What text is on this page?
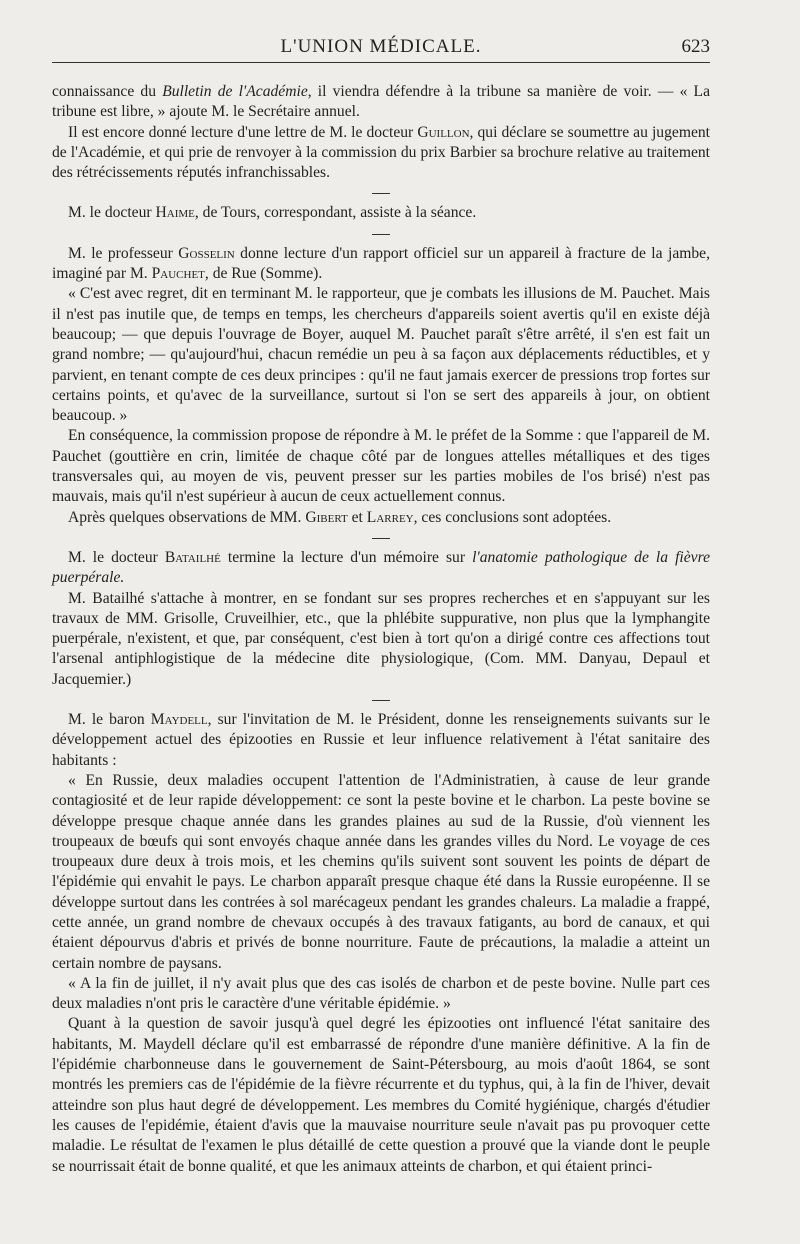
L'UNION MÉDICALE.	623

connaissance du Bulletin de l'Académie, il viendra défendre à la tribune sa manière de voir. — « La tribune est libre, » ajoute M. le Secrétaire annuel.

Il est encore donné lecture d'une lettre de M. le docteur Guillon, qui déclare se soumettre au jugement de l'Académie, et qui prie de renvoyer à la commission du prix Barbier sa brochure relative au traitement des rétrécissements réputés infranchissables.

M. le docteur Haime, de Tours, correspondant, assiste à la séance.

M. le professeur Gosselin donne lecture d'un rapport officiel sur un appareil à fracture de la jambe, imaginé par M. Pauchet, de Rue (Somme).

« C'est avec regret, dit en terminant M. le rapporteur, que je combats les illusions de M. Pauchet. Mais il n'est pas inutile que, de temps en temps, les chercheurs d'appareils soient avertis qu'il en existe déjà beaucoup; — que depuis l'ouvrage de Boyer, auquel M. Pauchet paraît s'être arrêté, il s'en est fait un grand nombre; — qu'aujourd'hui, chacun remédie un peu à sa façon aux déplacements réductibles, et y parvient, en tenant compte de ces deux principes : qu'il ne faut jamais exercer de pressions trop fortes sur certains points, et qu'avec de la surveillance, surtout si l'on se sert des appareils à jour, on obtient beaucoup. »

En conséquence, la commission propose de répondre à M. le préfet de la Somme : que l'appareil de M. Pauchet (gouttière en crin, limitée de chaque côté par de longues attelles métalliques et des tiges transversales qui, au moyen de vis, peuvent presser sur les parties mobiles de l'os brisé) n'est pas mauvais, mais qu'il n'est supérieur à aucun de ceux actuellement connus.

Après quelques observations de MM. Gibert et Larrey, ces conclusions sont adoptées.

M. le docteur Batailhé termine la lecture d'un mémoire sur l'anatomie pathologique de la fièvre puerpérale.

M. Batailhé s'attache à montrer, en se fondant sur ses propres recherches et en s'appuyant sur les travaux de MM. Grisolle, Cruveilhier, etc., que la phlébite suppurative, non plus que la lymphangite puerpérale, n'existent, et que, par conséquent, c'est bien à tort qu'on a dirigé contre ces affections tout l'arsenal antiphlogistique de la médecine dite physiologique, (Com. MM. Danyau, Depaul et Jacquemier.)

M. le baron Maydell, sur l'invitation de M. le Président, donne les renseignements suivants sur le développement actuel des épizooties en Russie et leur influence relativement à l'état sanitaire des habitants :

« En Russie, deux maladies occupent l'attention de l'Administratien, à cause de leur grande contagiosité et de leur rapide développement: ce sont la peste bovine et le charbon. La peste bovine se développe presque chaque année dans les grandes plaines au sud de la Russie, d'où viennent les troupeaux de bœufs qui sont envoyés chaque année dans les grandes villes du Nord. Le voyage de ces troupeaux dure deux à trois mois, et les chemins qu'ils suivent sont souvent les points de départ de l'épidémie qui envahit le pays. Le charbon apparaît presque chaque été dans la Russie européenne. Il se développe surtout dans les contrées à sol marécageux pendant les grandes chaleurs. La maladie a frappé, cette année, un grand nombre de chevaux occupés à des travaux fatigants, au bord de canaux, et qui étaient dépourvus d'abris et privés de bonne nourriture. Faute de précautions, la maladie a atteint un certain nombre de paysans.

« A la fin de juillet, il n'y avait plus que des cas isolés de charbon et de peste bovine. Nulle part ces deux maladies n'ont pris le caractère d'une véritable épidémie. »

Quant à la question de savoir jusqu'à quel degré les épizooties ont influencé l'état sanitaire des habitants, M. Maydell déclare qu'il est embarrassé de répondre d'une manière définitive. A la fin de l'épidémie charbonneuse dans le gouvernement de Saint-Pétersbourg, au mois d'août 1864, se sont montrés les premiers cas de l'épidémie de la fièvre récurrente et du typhus, qui, à la fin de l'hiver, devait atteindre son plus haut degré de développement. Les membres du Comité hygiénique, chargés d'étudier les causes de l'epidémie, étaient d'avis que la mauvaise nourriture seule n'avait pas pu provoquer cette maladie. Le résultat de l'examen le plus détaillé de cette question a prouvé que la viande dont le peuple se nourrissait était de bonne qualité, et que les animaux atteints de charbon, et qui étaient princi-
